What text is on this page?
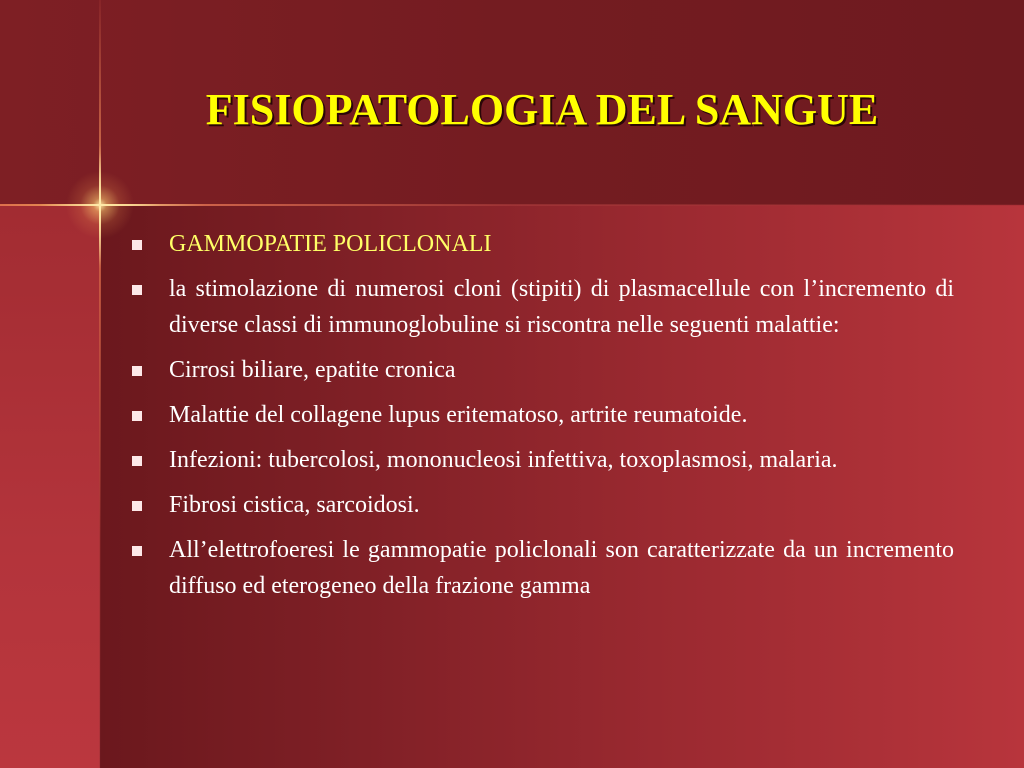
FISIOPATOLOGIA DEL SANGUE
GAMMOPATIE POLICLONALI
la stimolazione di numerosi cloni (stipiti) di plasmacellule con l’incremento di diverse classi di immunoglobuline si riscontra nelle seguenti malattie:
Cirrosi biliare, epatite cronica
Malattie del collagene lupus eritematoso, artrite reumatoide.
Infezioni: tubercolosi, mononucleosi infettiva, toxoplasmosi, malaria.
Fibrosi cistica, sarcoidosi.
All’elettrofoeresi le gammopatie policlonali son caratterizzate da un incremento diffuso ed eterogeneo della frazione gamma
